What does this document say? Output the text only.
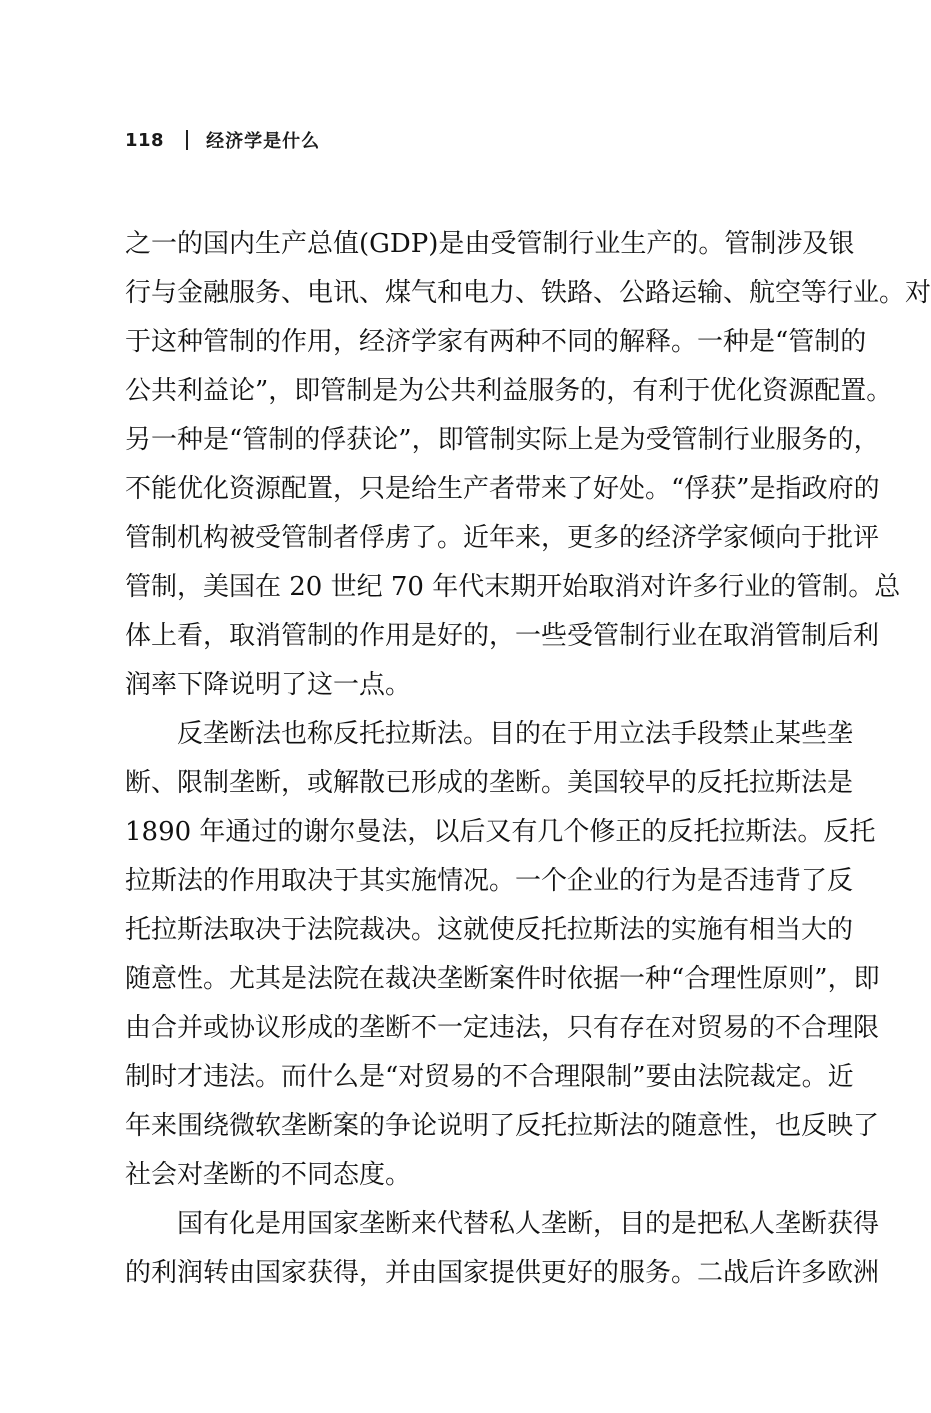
118 经济学是什么
之一的国内生产总值(GDP)是由受管制行业生产的。管制涉及银
行与金融服务、电讯、煤气和电力、铁路、公路运输、航空等行业。对
于这种管制的作用，经济学家有两种不同的解释。一种是“管制的
公共利益论”，即管制是为公共利益服务的，有利于优化资源配置。
另一种是“管制的俘获论”，即管制实际上是为受管制行业服务的，
不能优化资源配置，只是给生产者带来了好处。“俘获”是指政府的
管制机构被受管制者俘虏了。近年来，更多的经济学家倾向于批评
管制，美国在 20 世纪 70 年代末期开始取消对许多行业的管制。总
体上看，取消管制的作用是好的，一些受管制行业在取消管制后利
润率下降说明了这一点。
反垄断法也称反托拉斯法。目的在于用立法手段禁止某些垄
断、限制垄断，或解散已形成的垄断。美国较早的反托拉斯法是
1890 年通过的谢尔曼法，以后又有几个修正的反托拉斯法。反托
拉斯法的作用取决于其实施情况。一个企业的行为是否违背了反
托拉斯法取决于法院裁决。这就使反托拉斯法的实施有相当大的
随意性。尤其是法院在裁决垄断案件时依据一种“合理性原则”，即
由合并或协议形成的垄断不一定违法，只有存在对贸易的不合理限
制时才违法。而什么是“对贸易的不合理限制”要由法院裁定。近
年来围绕微软垄断案的争论说明了反托拉斯法的随意性，也反映了
社会对垄断的不同态度。
国有化是用国家垄断来代替私人垄断，目的是把私人垄断获得
的利润转由国家获得，并由国家提供更好的服务。二战后许多欧洲
